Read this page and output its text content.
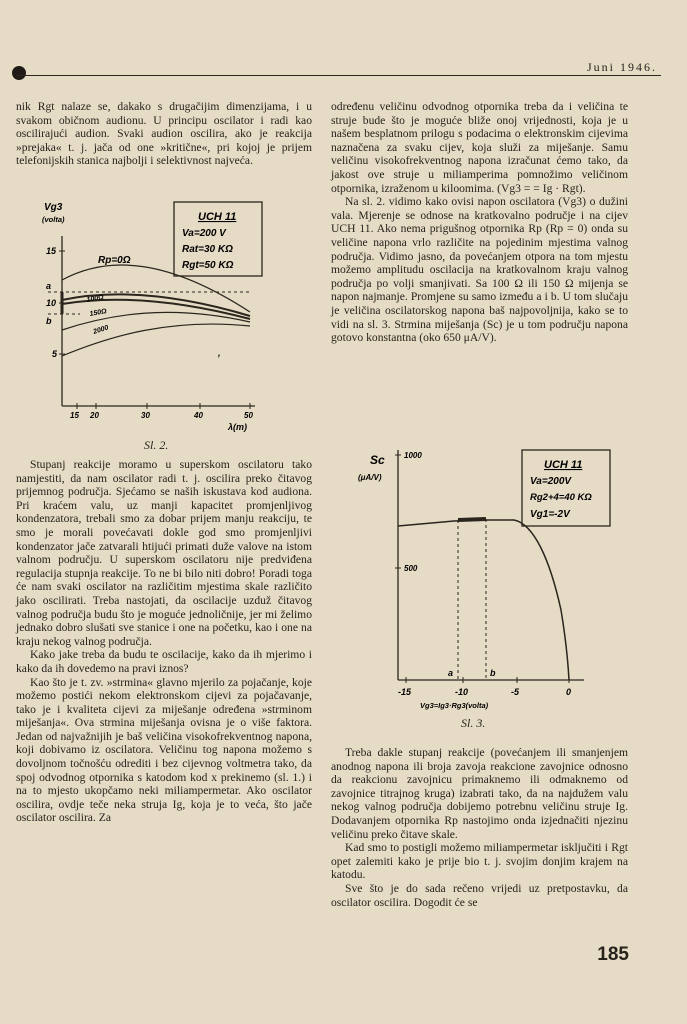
Juni 1946.

nik Rgt nalaze se, dakako s drugačijim dimenzijama, i u svakom običnom audionu. U principu oscilator i radi kao oscilirajući audion. Svaki audion oscilira, ako je reakcija »prejaka« t. j. jača od one »kritične«, pri kojoj je prijem telefonijskih stanica najbolji i selektivnost najveća.

Vg3
(volta)
15
10
5
a
b
15 20	30	40	50
λ(m)
Rp=0Ω
100Ω
150Ω
2000
UCH 11
Va=200 V
Rat=30 KΩ
Rgt=50 KΩ
,
Sl. 2.

Stupanj reakcije moramo u superskom oscilatoru tako namjestiti, da nam oscilator radi t. j. oscilira preko čitavog prijemnog područja. Sjećamo se naših iskustava kod audiona. Pri kraćem valu, uz manji kapacitet promjenljivog kondenzatora, trebali smo za dobar prijem manju reakciju, te smo je morali povećavati dokle god smo promjenljivi kondenzator jače zatvarali htijući primati duže valove na istom valnom području. U superskom oscilatoru nije predviđena regulacija stupnja reakcije. To ne bi bilo niti dobro! Poradi toga će nam svaki oscilator na različitim mjestima skale različito jako oscilirati. Treba nastojati, da oscilacije uzduž čitavog valnog područja budu što je moguće jednoličnije, jer mi želimo jednako dobro slušati sve stanice i one na početku, kao i one na kraju nekog valnog područja.

Kako jake treba da budu te oscilacije, kako da ih mjerimo i kako da ih dovedemo na pravi iznos?

Kao što je t. zv. »strmina« glavno mjerilo za pojačanje, koje možemo postići nekom elektronskom cijevi za pojačavanje, tako je i kvaliteta cijevi za miješanje određena »strminom miješanja«. Ova strmina miješanja ovisna je o više faktora. Jedan od najvažnijih je baš veličina visokofrekventnog napona, koji dobivamo iz oscilatora. Veličinu tog napona možemo s dovoljnom točnošću odrediti i bez cijevnog voltmetra tako, da spoj odvodnog otpornika s katodom kod x prekinemo (sl. 1.) i na to mjesto ukopčamo neki miliampermetar. Ako oscilator oscilira, ovdje teče neka struja Ig, koja je to veća, što jače oscilator oscilira. Za

određenu veličinu odvodnog otpornika treba da i veličina te struje bude što je moguće bliže onoj vrijednosti, koja je u našem besplatnom prilogu s podacima o elektronskim cijevima naznačena za svaku cijev, koja služi za miješanje. Samu veličinu visokofrekventnog napona izračunat ćemo tako, da jakost ove struje u miliamperima pomnožimo veličinom otpornika, izraženom u kiloomima. (Vg3 = = Ig · Rgt).

Na sl. 2. vidimo kako ovisi napon oscilatora (Vg3) o dužini vala. Mjerenje se odnose na kratkovalno područje i na cijev UCH 11. Ako nema prigušnog otpornika Rp (Rp = 0) onda su veličine napona vrlo različite na pojedinim mjestima valnog područja. Vidimo jasno, da povećanjem otpora na tom mjestu možemo amplitudu oscilacija na kratkovalnom kraju valnog područja po volji smanjivati. Sa 100 Ω ili 150 Ω mijenja se napon najmanje. Promjene su samo između a i b. U tom slučaju je veličina oscilatorskog napona baš najpovoljnija, kako se to vidi na sl. 3. Strmina miješanja (Sc) je u tom području napona gotovo konstantna (oko 650 μA/V).

Sc
(μA/V)
1000
500
a	b
-15	-10	-5	0
Vg3=Ig3·Rg3(volta)
UCH 11
Va=200V
Rg2+4=40 KΩ
Vg1=-2V
Sl. 3.

Treba dakle stupanj reakcije (povećanjem ili smanjenjem anodnog napona ili broja zavoja reakcione zavojnice odnosno da reakcionu zavojnicu primaknemo ili odmaknemo od zavojnice titrajnog kruga) izabrati tako, da na najdužem valu nekog valnog područja dobijemo potrebnu veličinu struje Ig. Dodavanjem otpornika Rp nastojimo onda izjednačiti njezinu veličinu preko čitave skale.

Kad smo to postigli možemo miliampermetar isključiti i Rgt opet zalemiti kako je prije bio t. j. svojim donjim krajem na katodu.

Sve što je do sada rečeno vrijedi uz pretpostavku, da oscilator oscilira. Dogodit će se

185
